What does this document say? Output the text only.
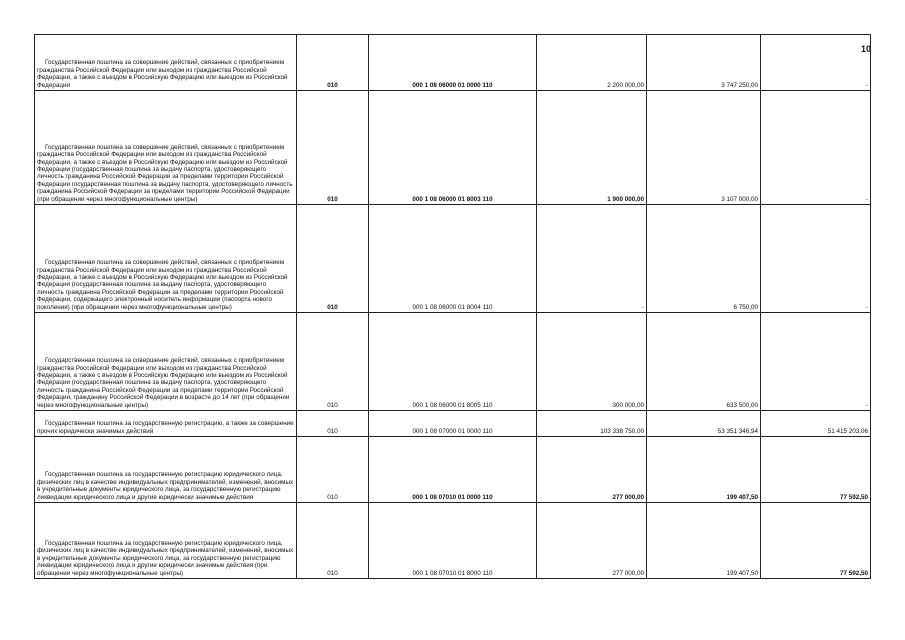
10
Государственная пошлина за совершение действий, связанных с приобретением гражданства Российской Федерации или выходом из гражданства Российской Федерации, а также с въездом в Российскую Федерацию или выездом из Российской Федерации	010	000 1 08 06000 01 0000 110	2 200 000,00	3 747 250,00	-
Государственная пошлина за совершение действий, связанных с приобретением гражданства Российской Федерации или выходом из гражданства Российской Федерации, а также с въездом в Российскую Федерацию или выездом из Российской Федерации (государственная пошлина за выдачу паспорта, удостоверяющего личность гражданина Российской Федерации за пределами территории Российской Федерации государственная пошлина за выдачу паспорта, удостоверяющего личность гражданина Российской Федерации за пределами территории Российской Федерации (при обращении через многофункциональные центры)	010	000 1 08 06000 01 8003 110	1 900 000,00	3 107 000,00	-
Государственная пошлина за совершение действий, связанных с приобретением гражданства Российской Федерации или выходом из гражданства Российской Федерации, а также с въездом в Российскую Федерацию или выездом из Российской Федерации (государственная пошлина за выдачу паспорта, удостоверяющего личность гражданина Российской Федерации за пределами территории Российской Федерации, содержащего электронный носитель информации (паспорта нового поколения) (при обращении через многофункциональные центры)	010	000 1 08 06000 01 8004 110	-	6 750,00	-
Государственная пошлина за совершение действий, связанных с приобретением гражданства Российской Федерации или выходом из гражданства Российской Федерации, а также с въездом в Российскую Федерацию или выездом из Российской Федерации (государственная пошлина за выдачу паспорта, удостоверяющего личность гражданина Российской Федерации за пределами территории Российской Федерации, гражданину Российской Федерации в возрасте до 14 лет (при обращении через многофункциональные центры)	010	000 1 08 06000 01 8005 110	300 000,00	633 500,00	-
Государственная пошлина за государственную регистрацию, а также за совершение прочих юридически значимых действий	010	000 1 08 07000 01 0000 110	103 338 750,00	53 351 346,94	51 415 203,06
Государственная пошлина за государственную регистрацию юридического лица, физических лиц в качестве индивидуальных предпринимателей, изменений, вносимых в учредительные документы юридического лица, за государственную регистрацию ликвидации юридического лица и другие юридически значимые действия	010	000 1 08 07010 01 0000 110	277 000,00	199 407,50	77 592,50
Государственная пошлина за государственную регистрацию юридического лица, физических лиц в качестве индивидуальных предпринимателей, изменений, вносимых в учредительные документы юридического лица, за государственную регистрацию ликвидации юридического лица и другие юридически значимые действия (при обращении через многофункциональные центры)	010	000 1 08 07010 01 8000 110	277 000,00	199 407,50	77 592,50
